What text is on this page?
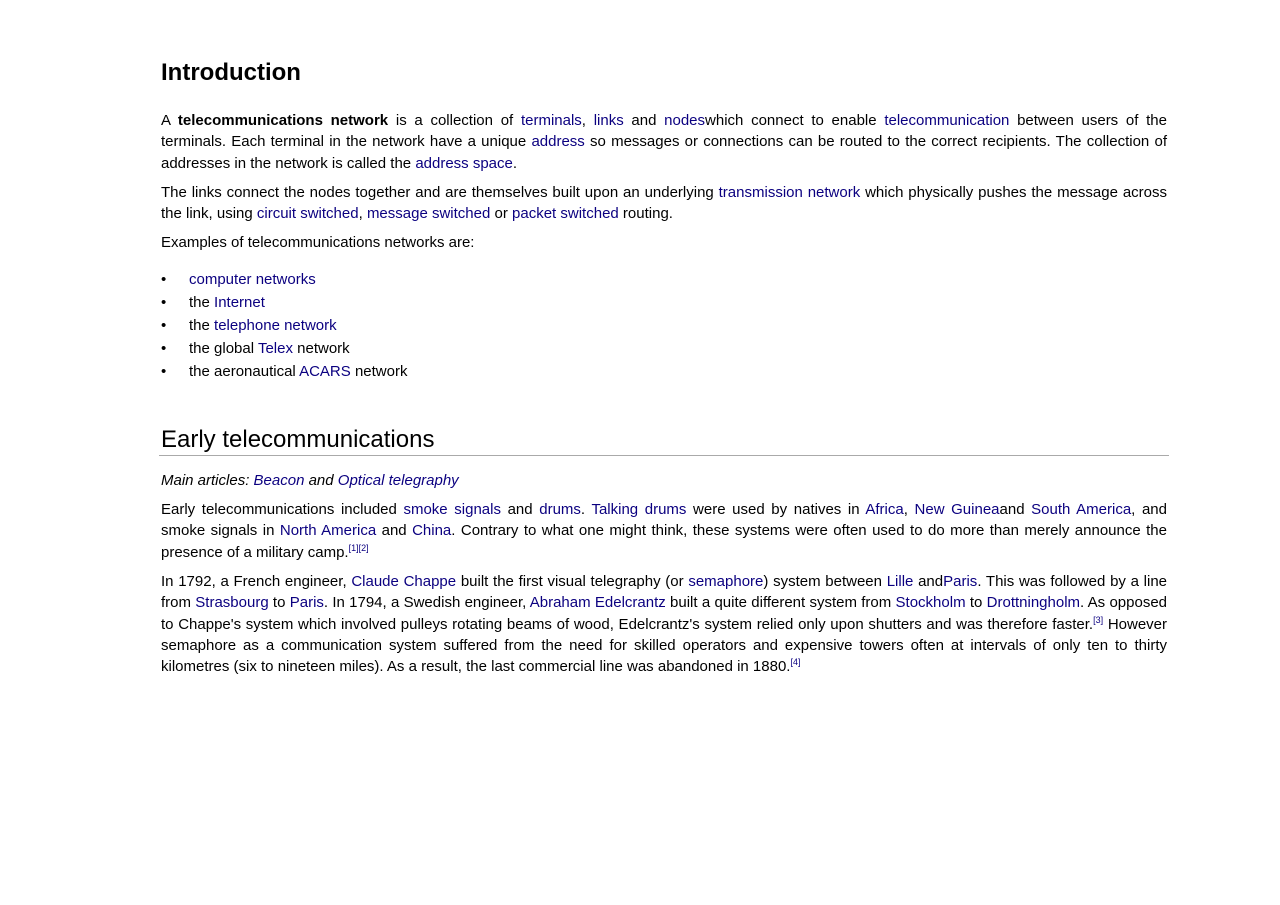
Introduction

A telecommunications network is a collection of terminals, links and nodeswhich connect to enable telecommunication between users of the terminals. Each terminal in the network have a unique address so messages or connections can be routed to the correct recipients. The collection of addresses in the network is called the address space.

The links connect the nodes together and are themselves built upon an underlying transmission network which physically pushes the message across the link, using circuit switched, message switched or packet switched routing.

Examples of telecommunications networks are:

• computer networks
• the Internet
• the telephone network
• the global Telex network
• the aeronautical ACARS network
Early telecommunications

Main articles: Beacon and Optical telegraphy

Early telecommunications included smoke signals and drums. Talking drums were used by natives in Africa, New Guineaand South America, and smoke signals in North America and China. Contrary to what one might think, these systems were often used to do more than merely announce the presence of a military camp.[1][2]

In 1792, a French engineer, Claude Chappe built the first visual telegraphy (or semaphore) system between Lille andParis. This was followed by a line from Strasbourg to Paris. In 1794, a Swedish engineer, Abraham Edelcrantz built a quite different system from Stockholm to Drottningholm. As opposed to Chappe's system which involved pulleys rotating beams of wood, Edelcrantz's system relied only upon shutters and was therefore faster.[3] However semaphore as a communication system suffered from the need for skilled operators and expensive towers often at intervals of only ten to thirty kilometres (six to nineteen miles). As a result, the last commercial line was abandoned in 1880.[4]
